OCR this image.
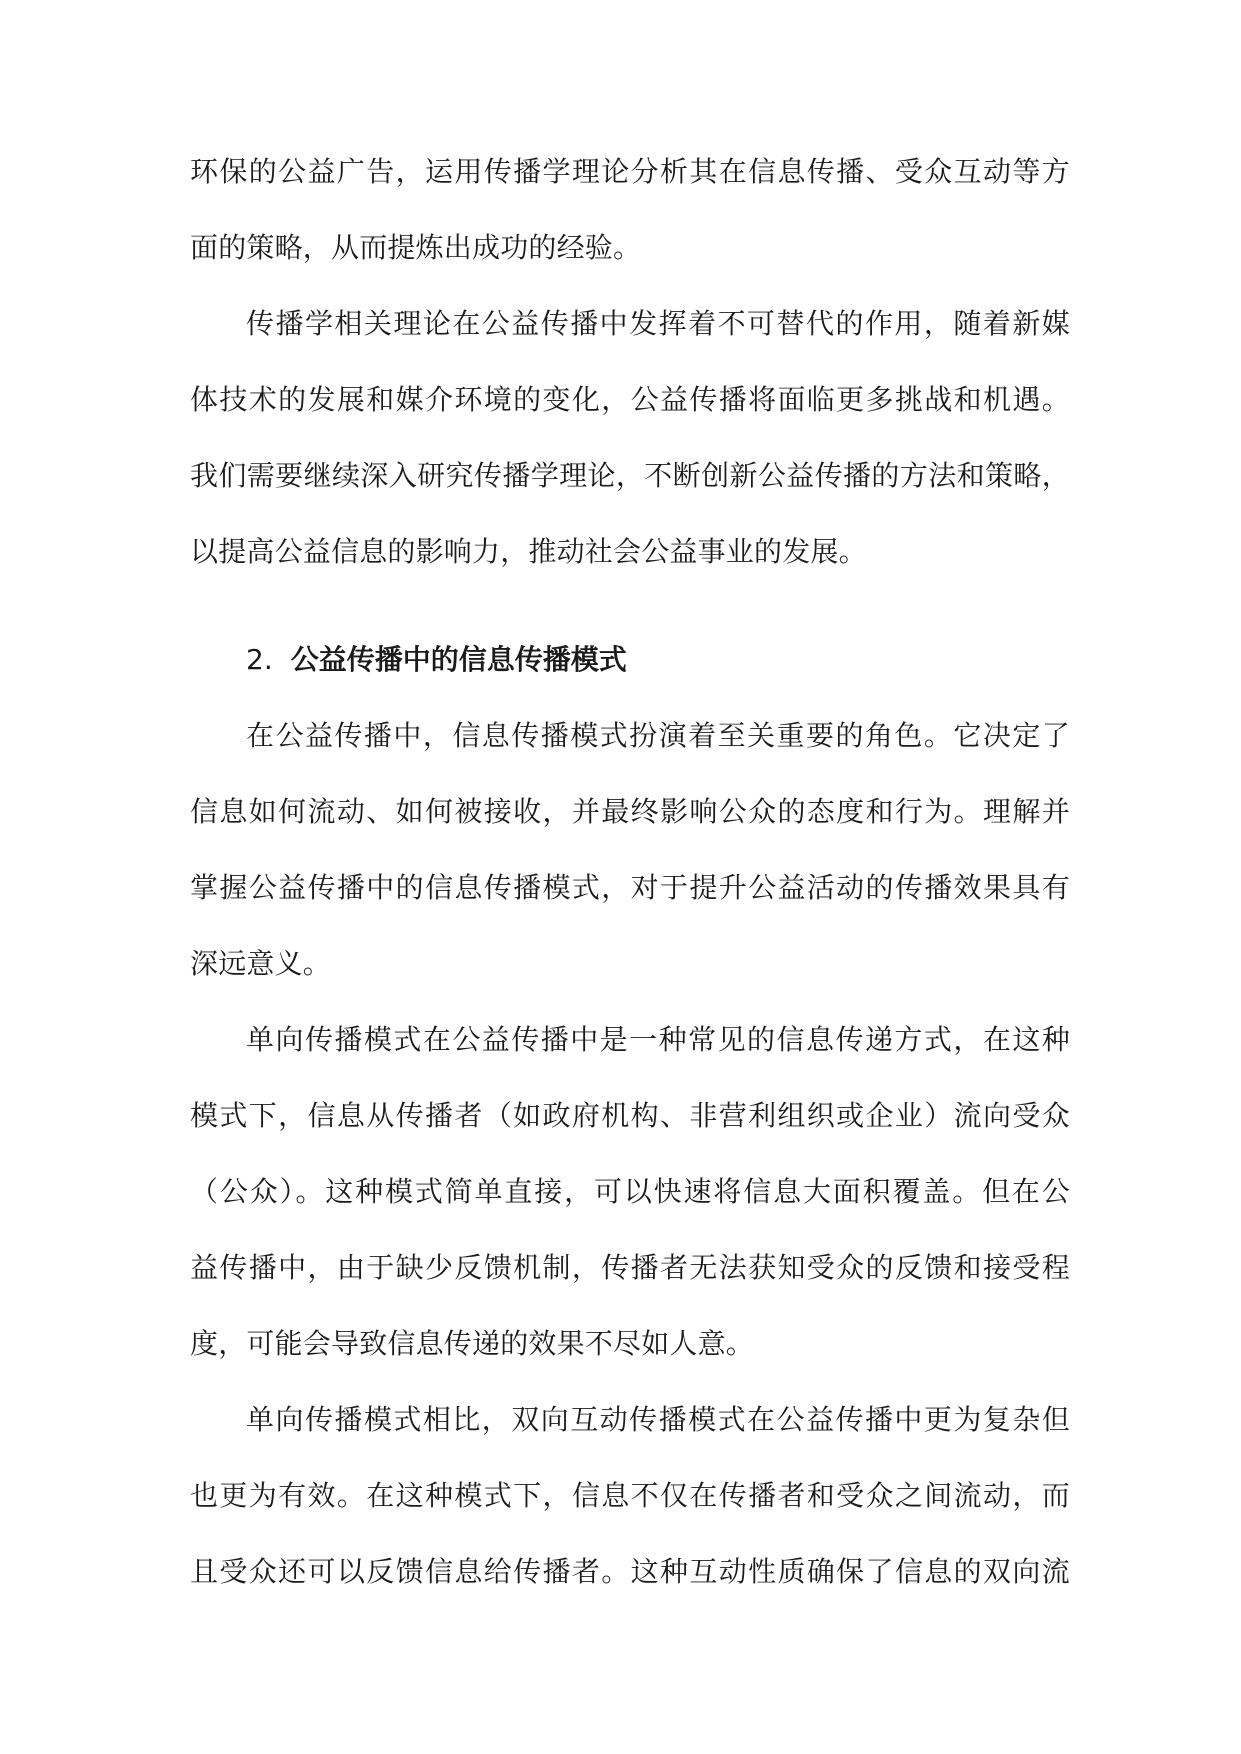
环保的公益广告，运用传播学理论分析其在信息传播、受众互动等方
面的策略，从而提炼出成功的经验。
传播学相关理论在公益传播中发挥着不可替代的作用，随着新媒
体技术的发展和媒介环境的变化，公益传播将面临更多挑战和机遇。
我们需要继续深入研究传播学理论，不断创新公益传播的方法和策略，
以提高公益信息的影响力，推动社会公益事业的发展。
2. 公益传播中的信息传播模式
在公益传播中，信息传播模式扮演着至关重要的角色。它决定了
信息如何流动、如何被接收，并最终影响公众的态度和行为。理解并
掌握公益传播中的信息传播模式，对于提升公益活动的传播效果具有
深远意义。
单向传播模式在公益传播中是一种常见的信息传递方式，在这种
模式下，信息从传播者（如政府机构、非营利组织或企业）流向受众
（公众）。这种模式简单直接，可以快速将信息大面积覆盖。但在公
益传播中，由于缺少反馈机制，传播者无法获知受众的反馈和接受程
度，可能会导致信息传递的效果不尽如人意。
单向传播模式相比，双向互动传播模式在公益传播中更为复杂但
也更为有效。在这种模式下，信息不仅在传播者和受众之间流动，而
且受众还可以反馈信息给传播者。这种互动性质确保了信息的双向流
